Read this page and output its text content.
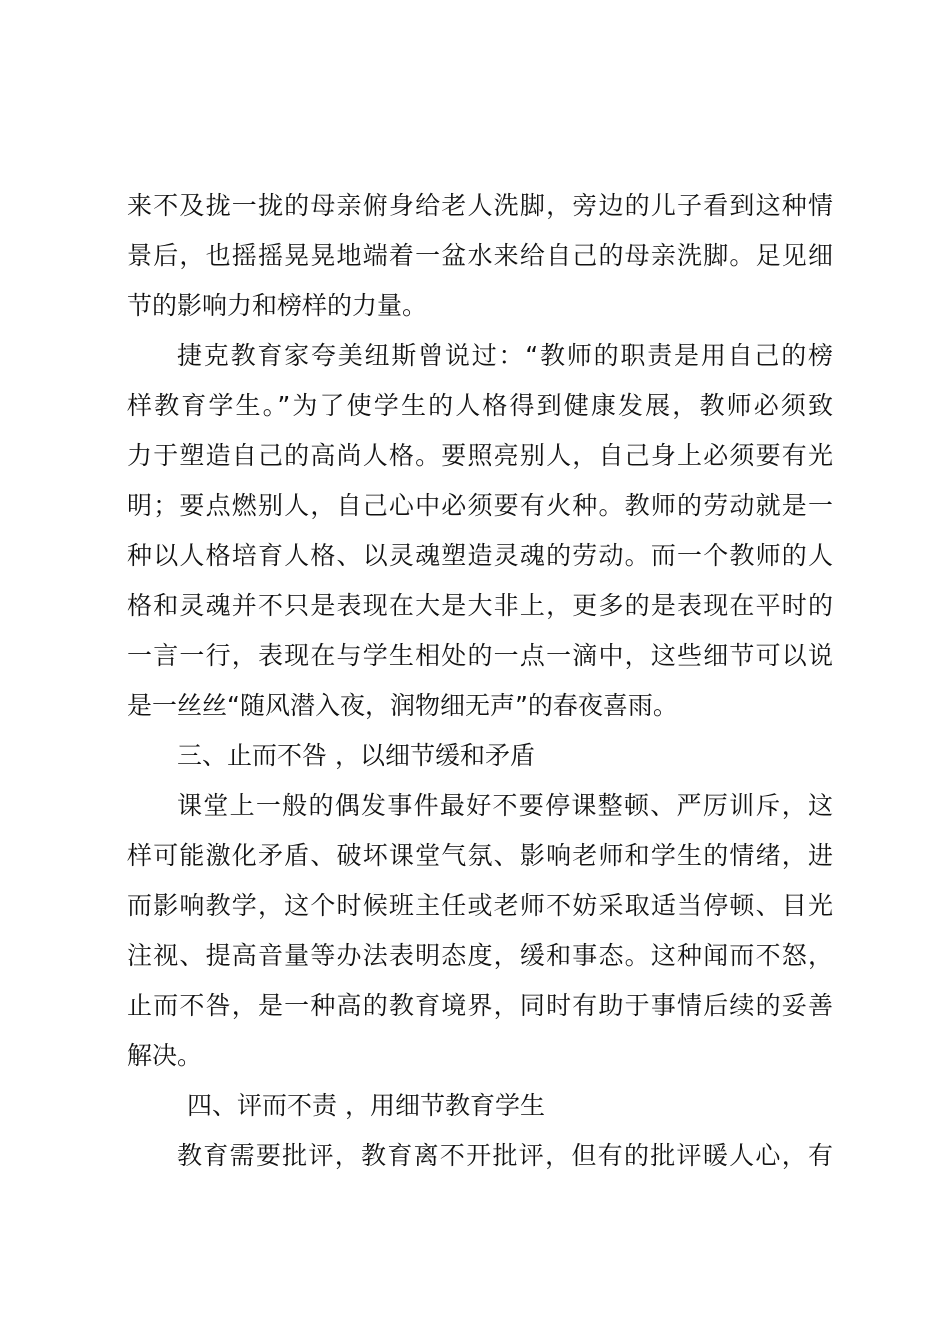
来不及拢一拢的母亲俯身给老人洗脚，旁边的儿子看到这种情
景后，也摇摇晃晃地端着一盆水来给自己的母亲洗脚。足见细
节的影响力和榜样的力量。
捷克教育家夸美纽斯曾说过：“教师的职责是用自己的榜
样教育学生。”为了使学生的人格得到健康发展，教师必须致
力于塑造自己的高尚人格。要照亮别人，自己身上必须要有光
明；要点燃别人，自己心中必须要有火种。教师的劳动就是一
种以人格培育人格、以灵魂塑造灵魂的劳动。而一个教师的人
格和灵魂并不只是表现在大是大非上，更多的是表现在平时的
一言一行，表现在与学生相处的一点一滴中，这些细节可以说
是一丝丝“随风潜入夜，润物细无声”的春夜喜雨。
三、止而不咎 ，以细节缓和矛盾
课堂上一般的偶发事件最好不要停课整顿、严厉训斥，这
样可能激化矛盾、破坏课堂气氛、影响老师和学生的情绪，进
而影响教学，这个时候班主任或老师不妨采取适当停顿、目光
注视、提高音量等办法表明态度，缓和事态。这种闻而不怒，
止而不咎，是一种高的教育境界，同时有助于事情后续的妥善
解决。
四、评而不责 ，用细节教育学生
教育需要批评，教育离不开批评，但有的批评暖人心，有
